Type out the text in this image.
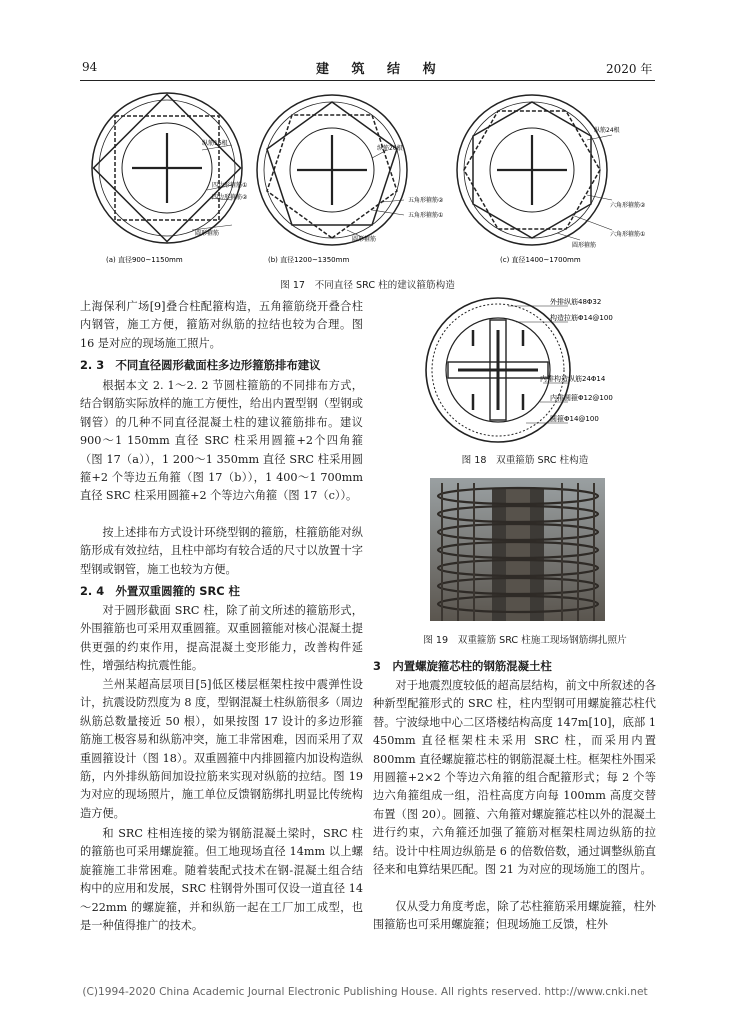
94	建 筑 结 构	2020 年
纵筋16根
四边形箍筋①
四边形箍筋②
圆形箍筋
(a) 直径900~1150mm
纵筋20根
五角形箍筋②
五角形箍筋①
圆形箍筋
(b) 直径1200~1350mm
纵筋24根
六角形箍筋②
六角形箍筋①
圆形箍筋
(c) 直径1400~1700mm

图 17　不同直径 SRC 柱的建议箍筋构造

上海保利广场[9]叠合柱配箍构造，五角箍筋绕开叠合柱内钢管，施工方便，箍筋对纵筋的拉结也较为合理。图 16 是对应的现场施工照片。

2. 3　不同直径圆形截面柱多边形箍筋排布建议

根据本文 2. 1～2. 2 节圆柱箍筋的不同排布方式，结合钢筋实际放样的施工方便性，给出内置型钢（型钢或钢管）的几种不同直径混凝土柱的建议箍筋排布。建议 900～1 150mm 直径 SRC 柱采用圆箍+2个四角箍（图 17（a）），1 200～1 350mm 直径 SRC 柱采用圆箍+2 个等边五角箍（图 17（b）），1 400～1 700mm直径 SRC 柱采用圆箍+2 个等边六角箍（图 17（c））。

按上述排布方式设计环绕型钢的箍筋，柱箍筋能对纵筋形成有效拉结，且柱中部均有较合适的尺寸以放置十字型钢或钢管，施工也较为方便。

2. 4　外置双重圆箍的 SRC 柱

对于圆形截面 SRC 柱，除了前文所述的箍筋形式，外围箍筋也可采用双重圆箍。双重圆箍能对核心混凝土提供更强的约束作用，提高混凝土变形能力，改善构件延性，增强结构抗震性能。

兰州某超高层项目[5]低区楼层框架柱按中震弹性设计，抗震设防烈度为 8 度，型钢混凝土柱纵筋很多（周边纵筋总数量接近 50 根），如果按图 17 设计的多边形箍筋施工极容易和纵筋冲突，施工非常困难，因而采用了双重圆箍设计（图 18）。双重圆箍中内排圆箍内加设构造纵筋，内外排纵筋间加设拉筋来实现对纵筋的拉结。图 19 为对应的现场照片，施工单位反馈钢筋绑扎明显比传统构造方便。

和 SRC 柱相连接的梁为钢筋混凝土梁时，SRC 柱的箍筋也可采用螺旋箍。但工地现场直径 14mm 以上螺旋箍施工非常困难。随着装配式技术在钢-混凝土组合结构中的应用和发展，SRC 柱钢骨外围可仅设一道直径 14～22mm 的螺旋箍，并和纵筋一起在工厂加工成型，也是一种值得推广的技术。

外排纵筋48Φ32
构造拉筋Φ14@100
内排构造纵筋24Φ14
内排圆箍Φ12@100
圆箍Φ14@100

图 18　双重箍筋 SRC 柱构造

图 19　双重箍筋 SRC 柱施工现场钢筋绑扎照片

3　内置螺旋箍芯柱的钢筋混凝土柱

对于地震烈度较低的超高层结构，前文中所叙述的各种新型配箍形式的 SRC 柱，柱内型钢可用螺旋箍芯柱代替。宁波绿地中心二区塔楼结构高度 147m[10]，底部 1 450mm 直径框架柱未采用 SRC 柱，而采用内置 800mm 直径螺旋箍芯柱的钢筋混凝土柱。框架柱外围采用圆箍+2×2 个等边六角箍的组合配箍形式；每 2 个等边六角箍组成一组，沿柱高度方向每 100mm 高度交替布置（图 20）。圆箍、六角箍对螺旋箍芯柱以外的混凝土进行约束，六角箍还加强了箍筋对框架柱周边纵筋的拉结。设计中柱周边纵筋是 6 的倍数倍数，通过调整纵筋直径来和电算结果匹配。图 21 为对应的现场施工的图片。

仅从受力角度考虑，除了芯柱箍筋采用螺旋箍，柱外围箍筋也可采用螺旋箍；但现场施工反馈，柱外

(C)1994-2020 China Academic Journal Electronic Publishing House. All rights reserved. http://www.cnki.net
